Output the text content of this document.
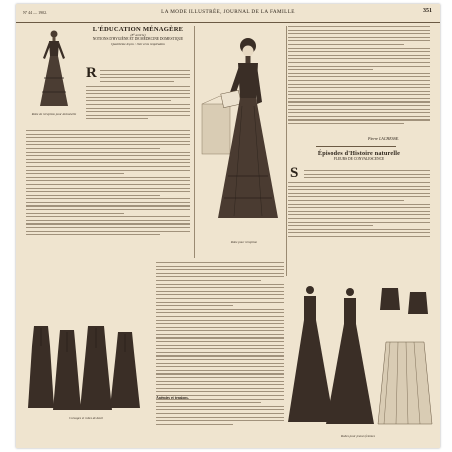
Nº 44 — 1902.	LA MODE ILLUSTRÉE, JOURNAL DE LA FAMILLE	351
Robe de réception pour demoiselle
L'ÉDUCATION MÉNAGÈRE
(8° article)
NOTIONS D'HYGIÈNE ET DE MÉDECINE DOMESTIQUE
Quatrième leçon : l'air et la respiration
R
Robe pour réception
Pierre LACHESSE.
Épisodes d'Histoire naturelle
FLEURS DE CONVALESCENCE
S
Corsages et robes de deuil
Anémies et tensions.
Robes pour jeunes femmes
